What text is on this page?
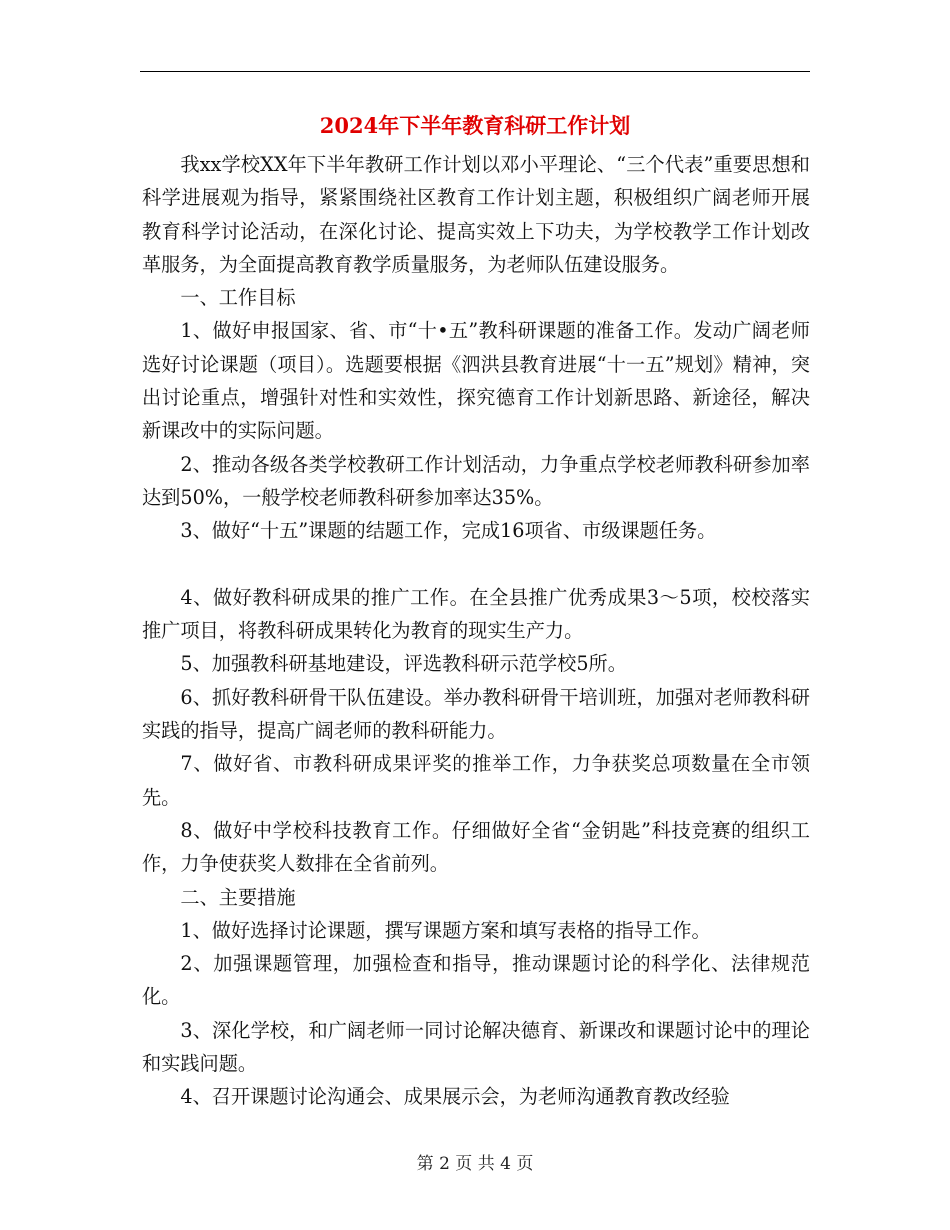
2024年下半年教育科研工作计划

我xx学校XX年下半年教研工作计划以邓小平理论、“三个代表”重要思想和科学进展观为指导，紧紧围绕社区教育工作计划主题，积极组织广阔老师开展教育科学讨论活动，在深化讨论、提高实效上下功夫，为学校教学工作计划改革服务，为全面提高教育教学质量服务，为老师队伍建设服务。

一、工作目标

1、做好申报国家、省、市“十•五”教科研课题的准备工作。发动广阔老师选好讨论课题（项目）。选题要根据《泗洪县教育进展“十一五”规划》精神，突出讨论重点，增强针对性和实效性，探究德育工作计划新思路、新途径，解决新课改中的实际问题。

2、推动各级各类学校教研工作计划活动，力争重点学校老师教科研参加率达到50%，一般学校老师教科研参加率达35%。

3、做好“十五”课题的结题工作，完成16项省、市级课题任务。

4、做好教科研成果的推广工作。在全县推广优秀成果3～5项，校校落实推广项目，将教科研成果转化为教育的现实生产力。

5、加强教科研基地建设，评选教科研示范学校5所。

6、抓好教科研骨干队伍建设。举办教科研骨干培训班，加强对老师教科研实践的指导，提高广阔老师的教科研能力。

7、做好省、市教科研成果评奖的推举工作，力争获奖总项数量在全市领先。

8、做好中学校科技教育工作。仔细做好全省“金钥匙”科技竞赛的组织工作，力争使获奖人数排在全省前列。

二、主要措施

1、做好选择讨论课题，撰写课题方案和填写表格的指导工作。

2、加强课题管理，加强检查和指导，推动课题讨论的科学化、法律规范化。

3、深化学校，和广阔老师一同讨论解决德育、新课改和课题讨论中的理论和实践问题。

4、召开课题讨论沟通会、成果展示会，为老师沟通教育教改经验

第 2 页 共 4 页
